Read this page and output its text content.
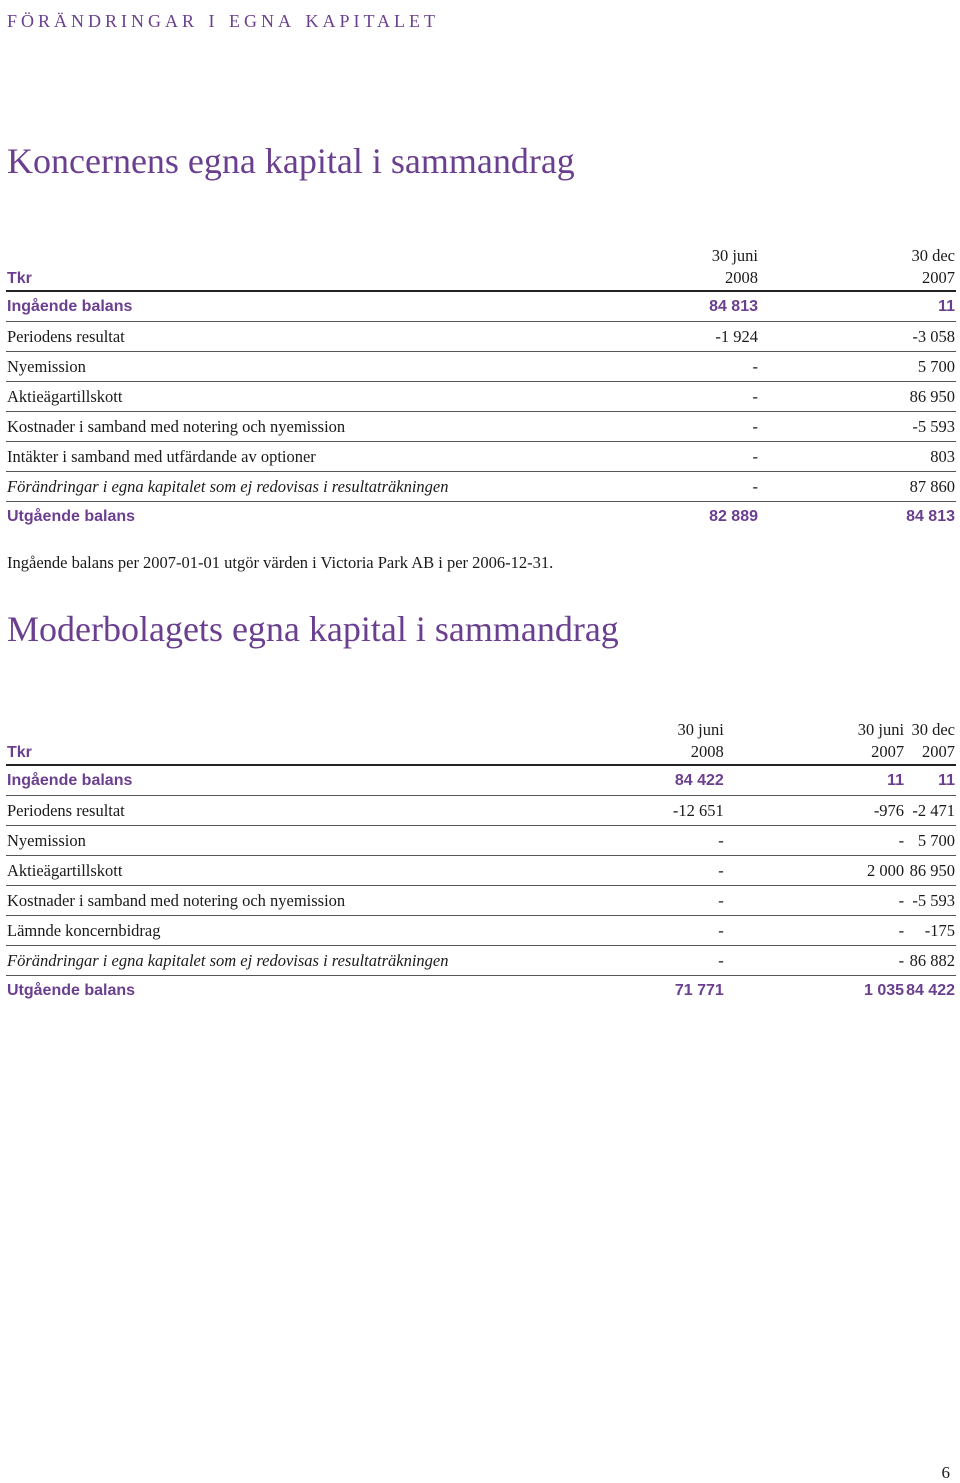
förändringar i egna kapitalet
Koncernens egna kapital i sammandrag
	30 juni	30 dec
Tkr	2008	2007
Ingående balans	84 813	11
Periodens resultat	-1 924	-3 058
Nyemission	-	5 700
Aktieägartillskott	-	86 950
Kostnader i samband med notering och nyemission	-	-5 593
Intäkter i samband med utfärdande av optioner	-	803
Förändringar i egna kapitalet som ej redovisas i resultaträkningen	-	87 860
Utgående balans	82 889	84 813
Ingående balans per 2007-01-01 utgör värden i Victoria Park AB i per 2006-12-31.
Moderbolagets egna kapital i sammandrag
	30 juni	30 juni	30 dec
Tkr	2008	2007	2007
Ingående balans	84 422	11	11
Periodens resultat	-12 651	-976	-2 471
Nyemission	-	-	5 700
Aktieägartillskott	-	2 000	86 950
Kostnader i samband med notering och nyemission	-	-	-5 593
Lämnde koncernbidrag	-	-	-175
Förändringar i egna kapitalet som ej redovisas i resultaträkningen	-	-	86 882
Utgående balans	71 771	1 035	84 422
6
